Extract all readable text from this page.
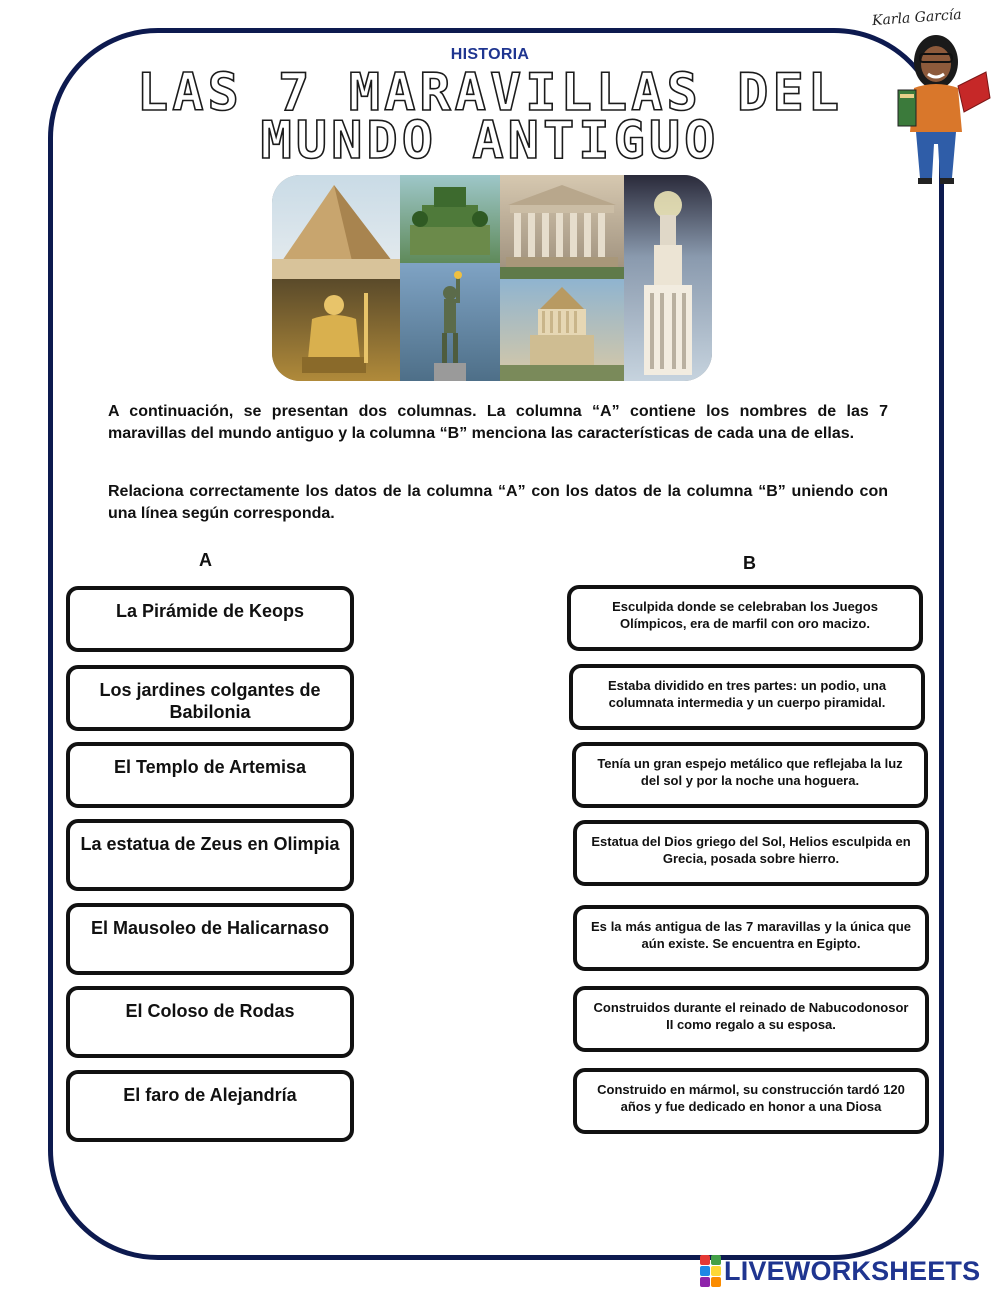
Karla García
HISTORIA
LAS 7 MARAVILLAS DEL
MUNDO ANTIGUO
A continuación, se presentan dos columnas. La columna “A” contiene los nombres de las 7 maravillas del mundo antiguo y la columna “B” menciona las características de cada una de ellas.
Relaciona correctamente los datos de la columna “A” con los datos de la columna “B” uniendo con una línea según corresponda.
A	B
La Pirámide de Keops
Los jardines colgantes de Babilonia
El Templo de Artemisa
La estatua de Zeus en Olimpia
El Mausoleo de Halicarnaso
El Coloso de Rodas
El faro de Alejandría
Esculpida donde se celebraban los Juegos Olímpicos, era de marfil con oro macizo.
Estaba dividido en tres partes: un podio, una columnata intermedia y un cuerpo piramidal.
Tenía un gran espejo metálico que reflejaba la luz del sol y por la noche una hoguera.
Estatua del Dios griego del Sol, Helios esculpida en Grecia, posada sobre hierro.
Es la más antigua de las 7 maravillas y la única que aún existe. Se encuentra en Egipto.
Construidos durante el reinado de Nabucodonosor II como regalo a su esposa.
Construido en mármol, su construcción tardó 120 años y fue dedicado en honor a una Diosa
LIVEWORKSHEETS
